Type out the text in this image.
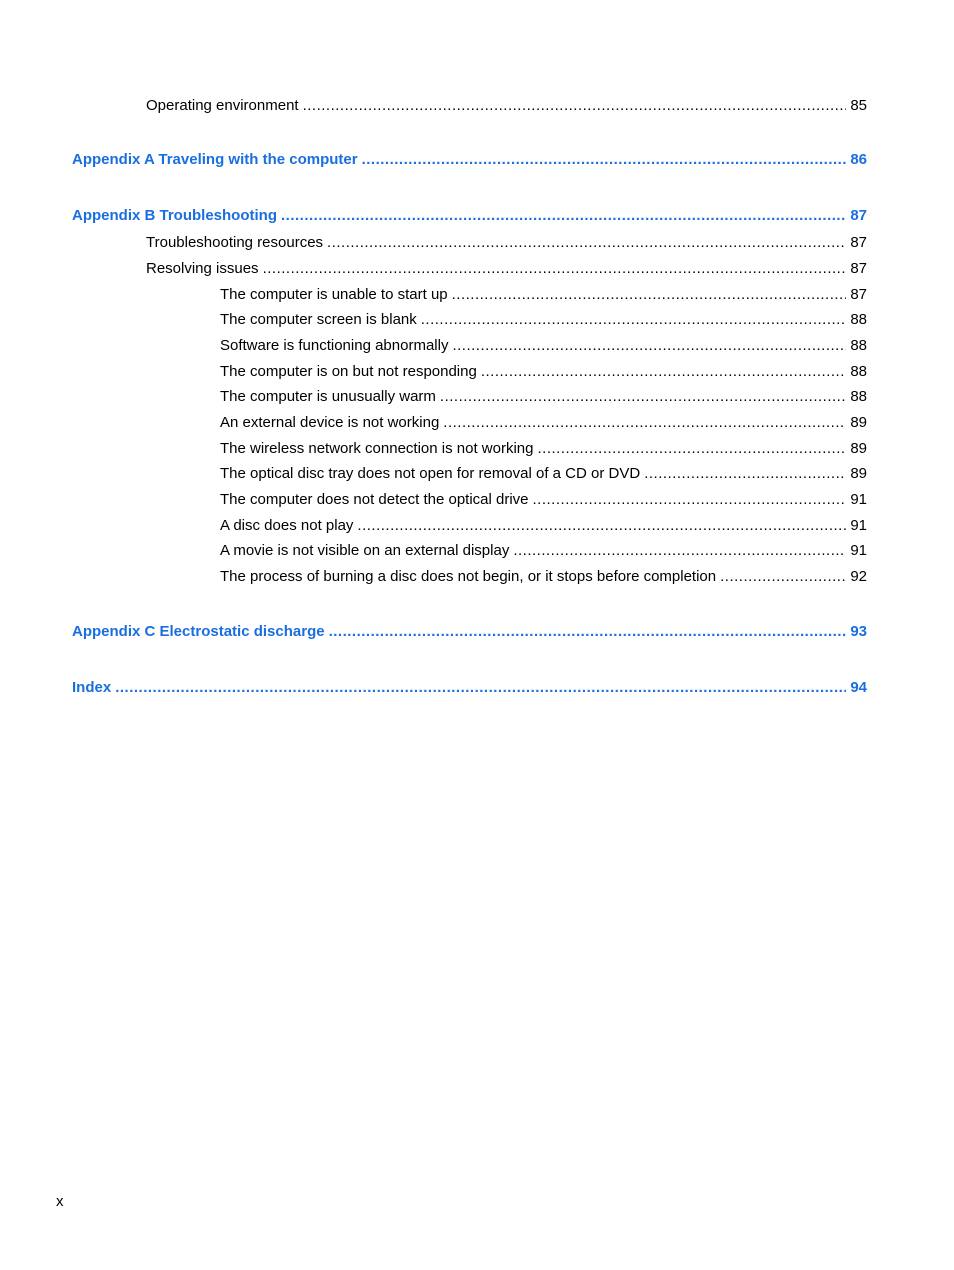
Operating environment .....	85
Appendix A Traveling with the computer .....	86
Appendix B Troubleshooting .....	87
Troubleshooting resources .....	87
Resolving issues .....	87
The computer is unable to start up .....	87
The computer screen is blank .....	88
Software is functioning abnormally .....	88
The computer is on but not responding .....	88
The computer is unusually warm .....	88
An external device is not working .....	89
The wireless network connection is not working .....	89
The optical disc tray does not open for removal of a CD or DVD .....	89
The computer does not detect the optical drive .....	91
A disc does not play .....	91
A movie is not visible on an external display .....	91
The process of burning a disc does not begin, or it stops before completion .....	92
Appendix C Electrostatic discharge .....	93
Index .....	94
x
